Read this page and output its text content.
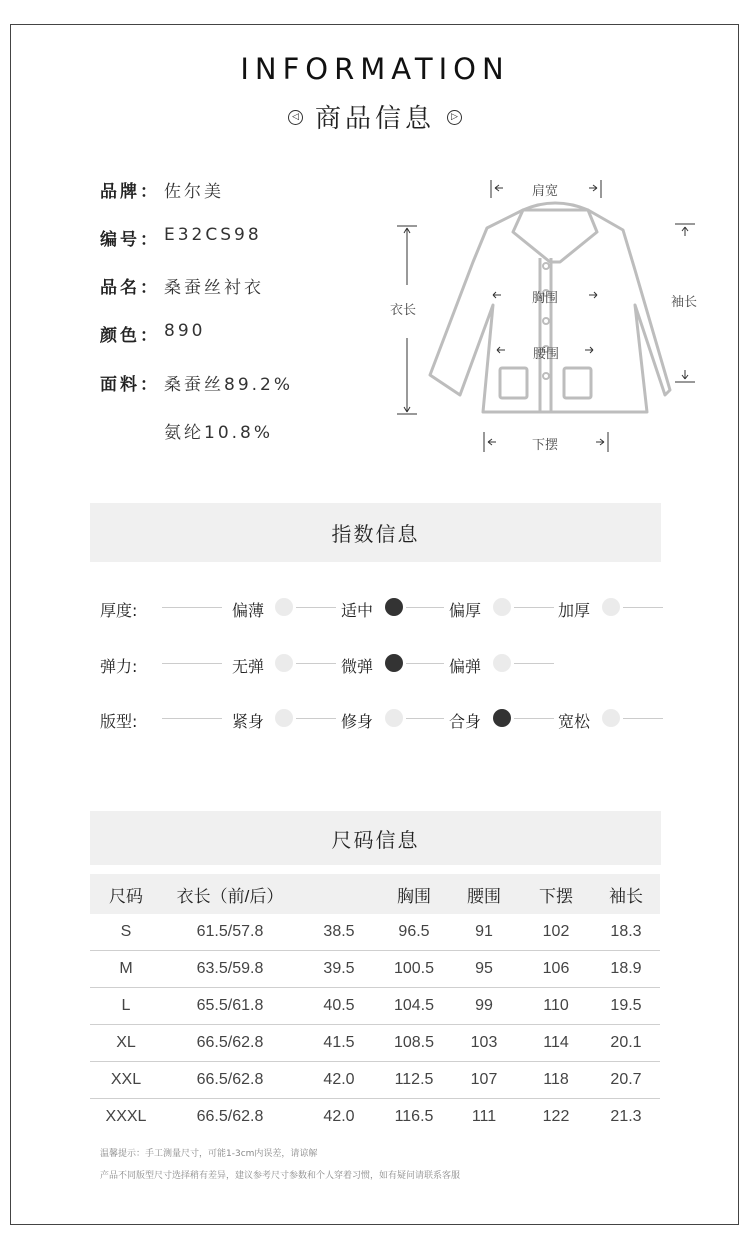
INFORMATION
◁ 商品信息 ▷
品牌： 佐尔美
编号： E32CS98
品名： 桑蚕丝衬衣
颜色： 890
面料： 桑蚕丝89.2%
氨纶10.8%
肩宽
衣长
袖长
胸围
腰围
下摆
指数信息
厚度:	偏薄	适中	偏厚	加厚
弹力:	无弹	微弹	偏弹
版型:	紧身	修身	合身	宽松
尺码信息
尺码	衣长（前/后）		胸围	腰围	下摆	袖长
S	61.5/57.8	38.5	96.5	91	102	18.3
M	63.5/59.8	39.5	100.5	95	106	18.9
L	65.5/61.8	40.5	104.5	99	110	19.5
XL	66.5/62.8	41.5	108.5	103	114	20.1
XXL	66.5/62.8	42.0	112.5	107	118	20.7
XXXL	66.5/62.8	42.0	116.5	111	122	21.3
温馨提示：手工测量尺寸，可能1-3cm内误差，请谅解
产品不同版型尺寸选择稍有差异，建议参考尺寸参数和个人穿着习惯，如有疑问请联系客服
